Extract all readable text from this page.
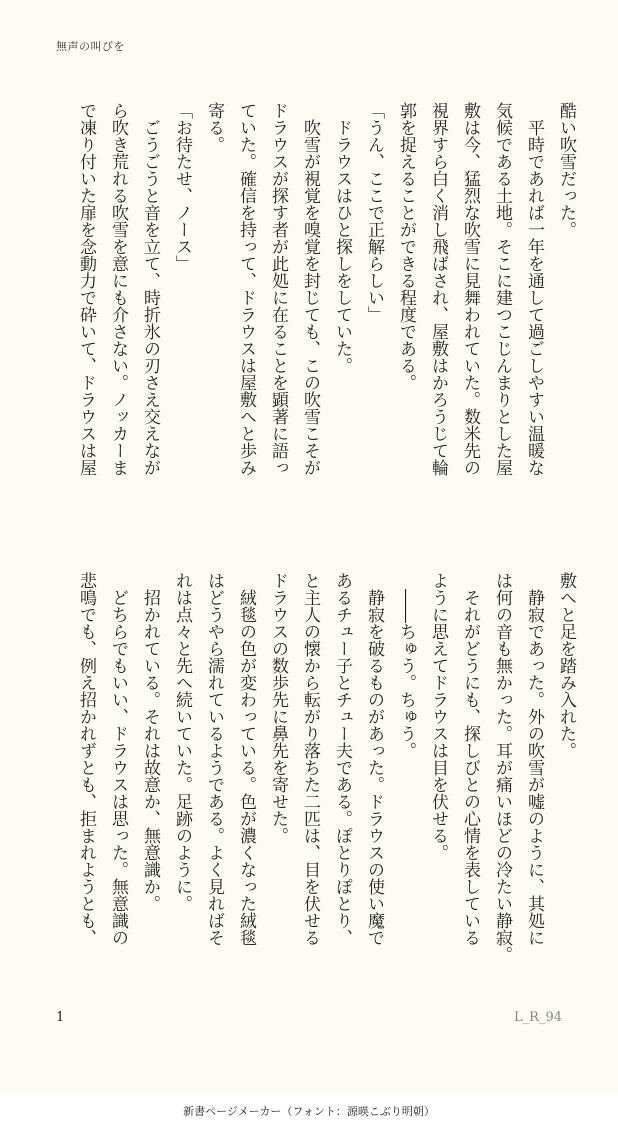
無声の叫びを
酷い吹雪だった。
　平時であれば一年を通して過ごしやすい温暖な
気候である土地。そこに建つこじんまりとした屋
敷は今、猛烈な吹雪に見舞われていた。数米先の
視界すら白く消し飛ばされ、屋敷はかろうじて輪
郭を捉えることができる程度である。
「うん、ここで正解らしい」
　ドラウスはひと探しをしていた。
　吹雪が視覚を嗅覚を封じても、この吹雪こそが
ドラウスが探す者が此処に在ることを顕著に語っ
ていた。確信を持って、ドラウスは屋敷へと歩み
寄る。
「お待たせ、ノース」
　ごうごうと音を立て、時折氷の刃さえ交えなが
ら吹き荒れる吹雪を意にも介さない。ノッカーま
で凍り付いた扉を念動力で砕いて、ドラウスは屋
敷へと足を踏み入れた。
　静寂であった。外の吹雪が嘘のように、其処に
は何の音も無かった。耳が痛いほどの冷たい静寂。
　それがどうにも、探しびとの心情を表している
ように思えてドラウスは目を伏せる。
　――ちゅう。ちゅう。
　静寂を破るものがあった。ドラウスの使い魔で
あるチュー子とチュー夫である。ぽとりぽとり、
と主人の懐から転がり落ちた二匹は、目を伏せる
ドラウスの数歩先に鼻先を寄せた。
　絨毯の色が変わっている。色が濃くなった絨毯
はどうやら濡れているようである。よく見ればそ
れは点々と先へ続いていた。足跡のように。
　招かれている。それは故意か、無意識か。
　どちらでもいい、ドラウスは思った。無意識の
悲鳴でも、例え招かれずとも、拒まれようとも、
1	L_R_94
新書ページメーカー（フォント：源暎こぶり明朝）
